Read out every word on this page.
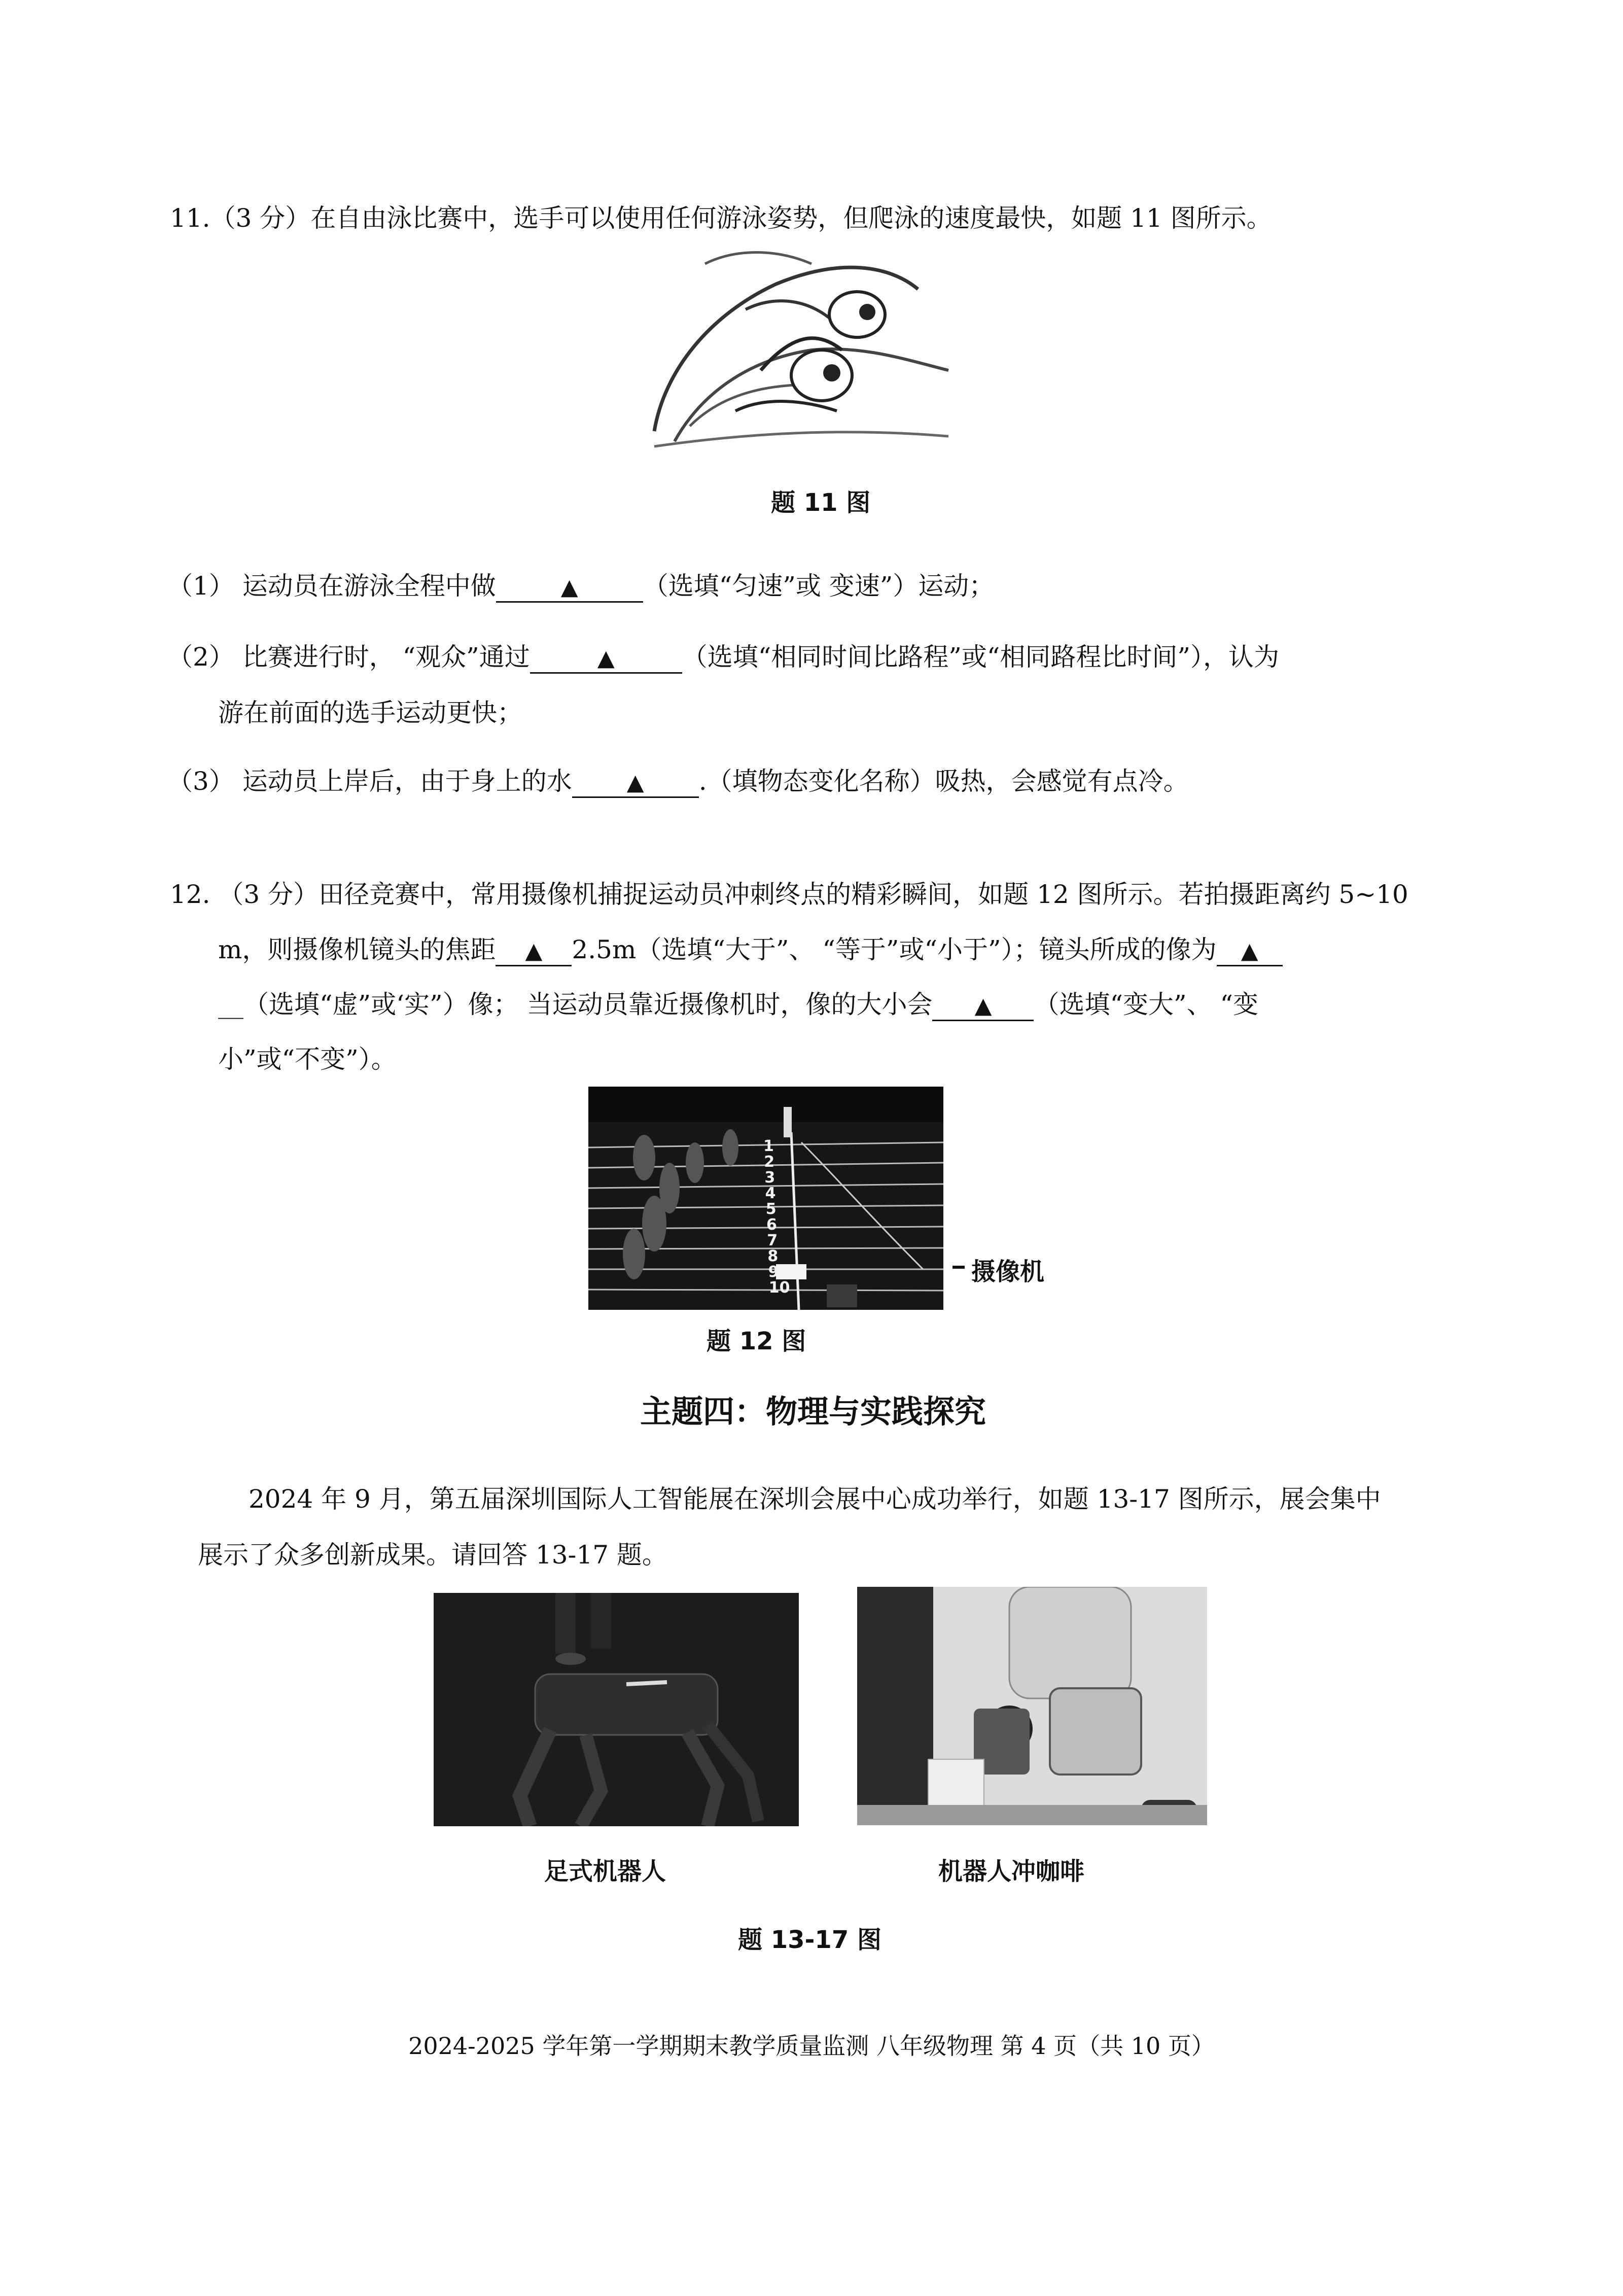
11.（3 分）在自由泳比赛中，选手可以使用任何游泳姿势，但爬泳的速度最快，如题 11 图所示。
题 11 图
（1） 运动员在游泳全程中做	▲	（选填“匀速”或 变速”）运动；
（2） 比赛进行时， “观众”通过	▲	（选填“相同时间比路程”或“相同路程比时间”），认为
游在前面的选手运动更快；
（3） 运动员上岸后，由于身上的水 ▲ .（填物态变化名称）吸热，会感觉有点冷。
12. （3 分）田径竞赛中，常用摄像机捕捉运动员冲刺终点的精彩瞬间，如题 12 图所示。若拍摄距离约 5~10
m，则摄像机镜头的焦距 ▲ 2.5m（选填“大于”、 “等于”或“小于”）；镜头所成的像为 ▲
__（选填“虚”或‘实”）像； 当运动员靠近摄像机时，像的大小会 ▲ （选填“变大”、 “变
小”或“不变”）。
1
2
3
4
5
6
7
8
9
10
摄像机
题 12 图
主题四：物理与实践探究
2024 年 9 月，第五届深圳国际人工智能展在深圳会展中心成功举行，如题 13-17 图所示，展会集中
展示了众多创新成果。请回答 13-17 题。
足式机器人	机器人冲咖啡
题 13-17 图
2024-2025 学年第一学期期末教学质量监测 八年级物理 第 4 页（共 10 页）
